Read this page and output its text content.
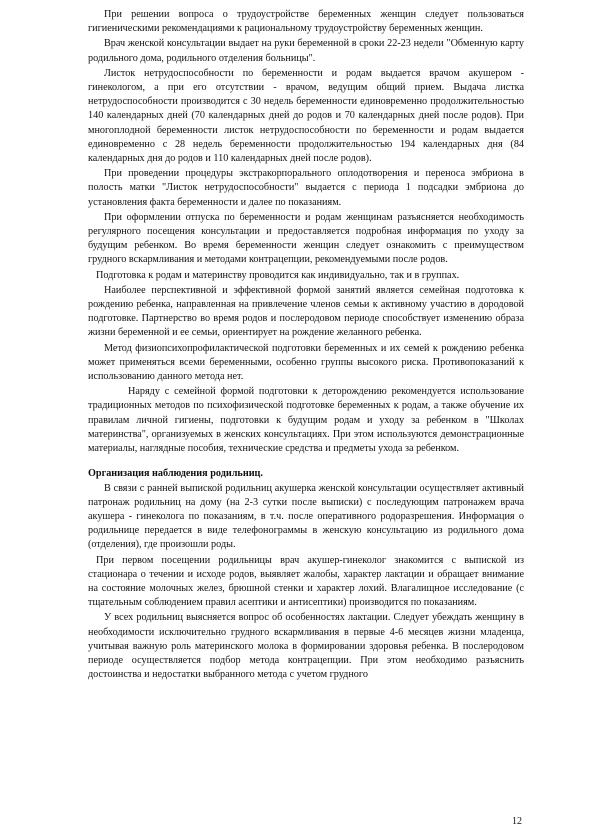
При решении вопроса о трудоустройстве беременных женщин следует пользоваться гигиеническими рекомендациями к рациональному трудоустройству беременных женщин.

Врач женской консультации выдает на руки беременной в сроки 22-23 недели "Обменную карту родильного дома, родильного отделения больницы".

Листок нетрудоспособности по беременности и родам выдается врачом акушером - гинекологом, а при его отсутствии - врачом, ведущим общий прием. Выдача листка нетрудоспособности производится с 30 недель беременности единовременно продолжительностью 140 календарных дней (70 календарных дней до родов и 70 календарных дней после родов). При многоплодной беременности листок нетрудоспособности по беременности и родам выдается единовременно с 28 недель беременности продолжительностью 194 календарных дня (84 календарных дня до родов и 110 календарных дней после родов).

При проведении процедуры экстракорпорального оплодотворения и переноса эмбриона в полость матки "Листок нетрудоспособности" выдается с периода 1 подсадки эмбриона до установления факта беременности и далее по показаниям.

При оформлении отпуска по беременности и родам женщинам разъясняется необходимость регулярного посещения консультации и предоставляется подробная информация по уходу за будущим ребенком. Во время беременности женщин следует ознакомить с преимуществом грудного вскармливания и методами контрацепции, рекомендуемыми после родов.

Подготовка к родам и материнству проводится как индивидуально, так и в группах.

Наиболее перспективной и эффективной формой занятий является семейная подготовка к рождению ребенка, направленная на привлечение членов семьи к активному участию в дородовой подготовке. Партнерство во время родов и послеродовом периоде способствует изменению образа жизни беременной и ее семьи, ориентирует на рождение желанного ребенка.

Метод физиопсихопрофилактической подготовки беременных и их семей к рождению ребенка может применяться всеми беременными, особенно группы высокого риска. Противопоказаний к использованию данного метода нет.

Наряду с семейной формой подготовки к деторождению рекомендуется использование традиционных методов по психофизической подготовке беременных к родам, а также обучение их правилам личной гигиены, подготовки к будущим родам и уходу за ребенком в "Школах материнства", организуемых в женских консультациях. При этом используются демонстрационные материалы, наглядные пособия, технические средства и предметы ухода за ребенком.

Организация наблюдения родильниц.

В связи с ранней выпиской родильниц акушерка женской консультации осуществляет активный патронаж родильниц на дому (на 2-3 сутки после выписки) с последующим патронажем врача акушера - гинеколога по показаниям, в т.ч. после оперативного родоразрешения. Информация о родильнице передается в виде телефонограммы в женскую консультацию из родильного дома (отделения), где произошли роды.

При первом посещении родильницы врач акушер-гинеколог знакомится с выпиской из стационара о течении и исходе родов, выявляет жалобы, характер лактации и обращает внимание на состояние молочных желез, брюшной стенки и характер лохий. Влагалищное исследование (с тщательным соблюдением правил асептики и антисептики) производится по показаниям.

У всех родильниц выясняется вопрос об особенностях лактации. Следует убеждать женщину в необходимости исключительно грудного вскармливания в первые 4-6 месяцев жизни младенца, учитывая важную роль материнского молока в формировании здоровья ребенка. В послеродовом периоде осуществляется подбор метода контрацепции. При этом необходимо разъяснить достоинства и недостатки выбранного метода с учетом грудного

12
